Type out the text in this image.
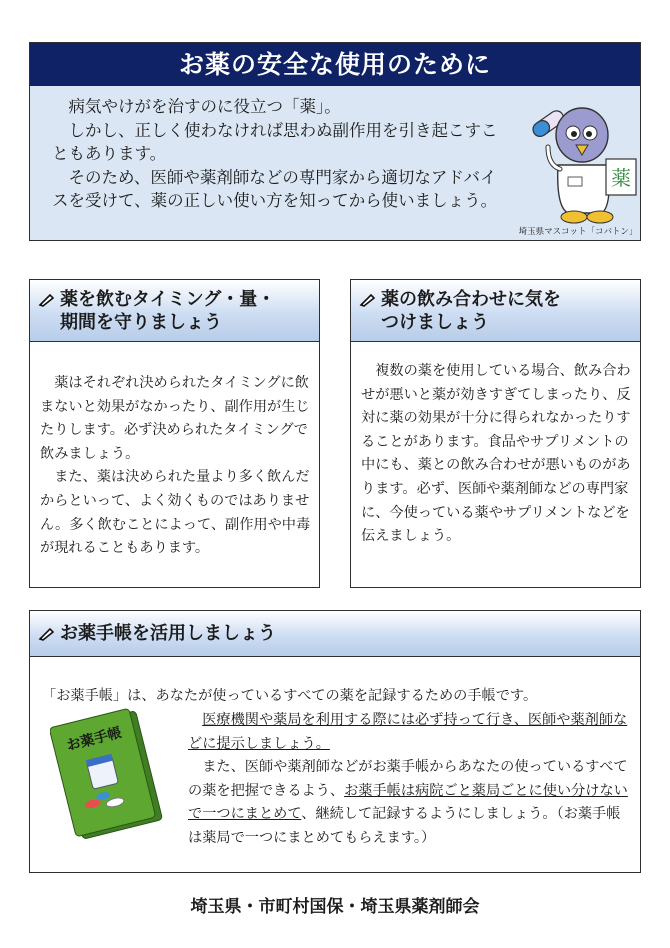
お薬の安全な使用のために

病気やけがを治すのに役立つ「薬」。

しかし、正しく使わなければ思わぬ副作用を引き起こすこともあります。

そのため、医師や薬剤師などの専門家から適切なアドバイスを受けて、薬の正しい使い方を知ってから使いましょう。

薬
埼玉県マスコット「コバトン」
薬を飲むタイミング・量・
期間を守りましょう

薬はそれぞれ決められたタイミングに飲まないと効果がなかったり、副作用が生じたりします。必ず決められたタイミングで飲みましょう。

また、薬は決められた量より多く飲んだからといって、よく効くものではありません。多く飲むことによって、副作用や中毒が現れることもあります。

薬の飲み合わせに気を
つけましょう

複数の薬を使用している場合、飲み合わせが悪いと薬が効きすぎてしまったり、反対に薬の効果が十分に得られなかったりすることがあります。食品やサプリメントの中にも、薬との飲み合わせが悪いものがあります。必ず、医師や薬剤師などの専門家に、今使っている薬やサプリメントなどを伝えましょう。

お薬手帳を活用しましょう
「お薬手帳」は、あなたが使っているすべての薬を記録するための手帳です。
お薬手帳

医療機関や薬局を利用する際には必ず持って行き、医師や薬剤師などに提示しましょう。

また、医師や薬剤師などがお薬手帳からあなたの使っているすべての薬を把握できるよう、お薬手帳は病院ごと薬局ごとに使い分けないで一つにまとめて、継続して記録するようにしましょう。（お薬手帳は薬局で一つにまとめてもらえます。）

埼玉県・市町村国保・埼玉県薬剤師会
